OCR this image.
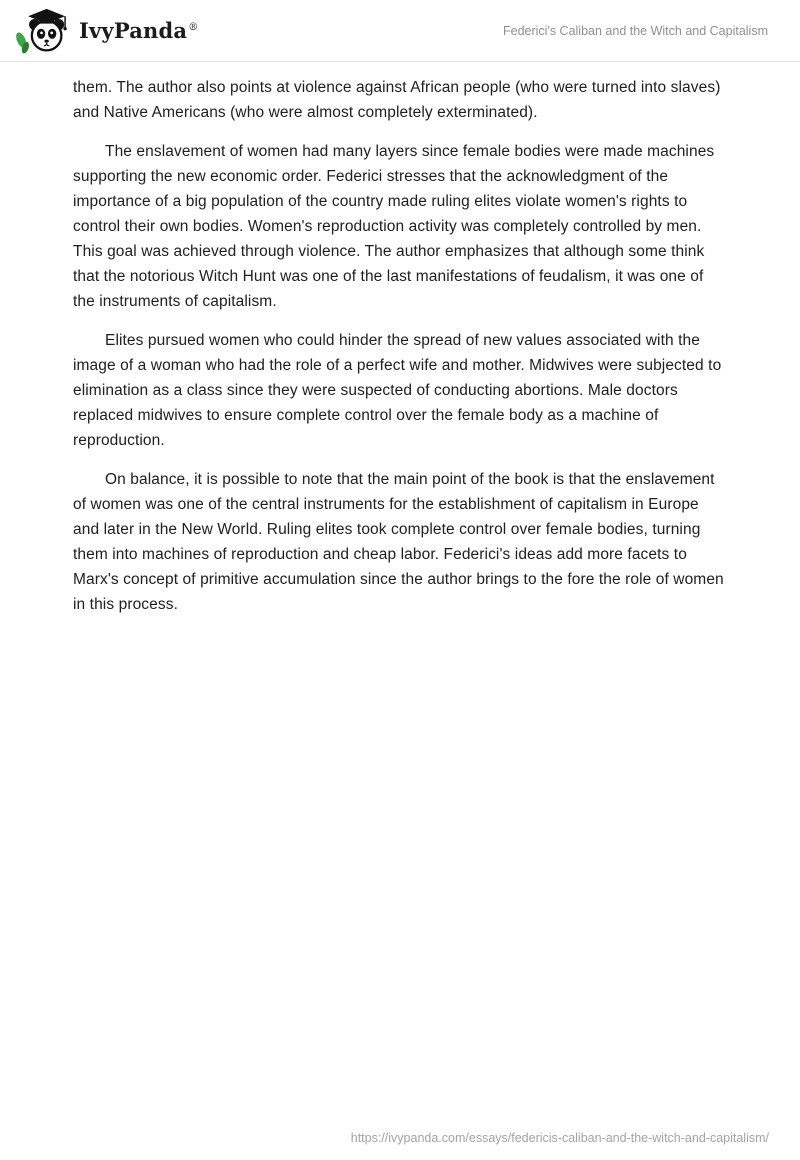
IvyPanda®	Federici's Caliban and the Witch and Capitalism

them. The author also points at violence against African people (who were turned into slaves) and Native Americans (who were almost completely exterminated).

The enslavement of women had many layers since female bodies were made machines supporting the new economic order. Federici stresses that the acknowledgment of the importance of a big population of the country made ruling elites violate women's rights to control their own bodies. Women's reproduction activity was completely controlled by men. This goal was achieved through violence. The author emphasizes that although some think that the notorious Witch Hunt was one of the last manifestations of feudalism, it was one of the instruments of capitalism.

Elites pursued women who could hinder the spread of new values associated with the image of a woman who had the role of a perfect wife and mother. Midwives were subjected to elimination as a class since they were suspected of conducting abortions. Male doctors replaced midwives to ensure complete control over the female body as a machine of reproduction.

On balance, it is possible to note that the main point of the book is that the enslavement of women was one of the central instruments for the establishment of capitalism in Europe and later in the New World. Ruling elites took complete control over female bodies, turning them into machines of reproduction and cheap labor. Federici's ideas add more facets to Marx's concept of primitive accumulation since the author brings to the fore the role of women in this process.

https://ivypanda.com/essays/federicis-caliban-and-the-witch-and-capitalism/
